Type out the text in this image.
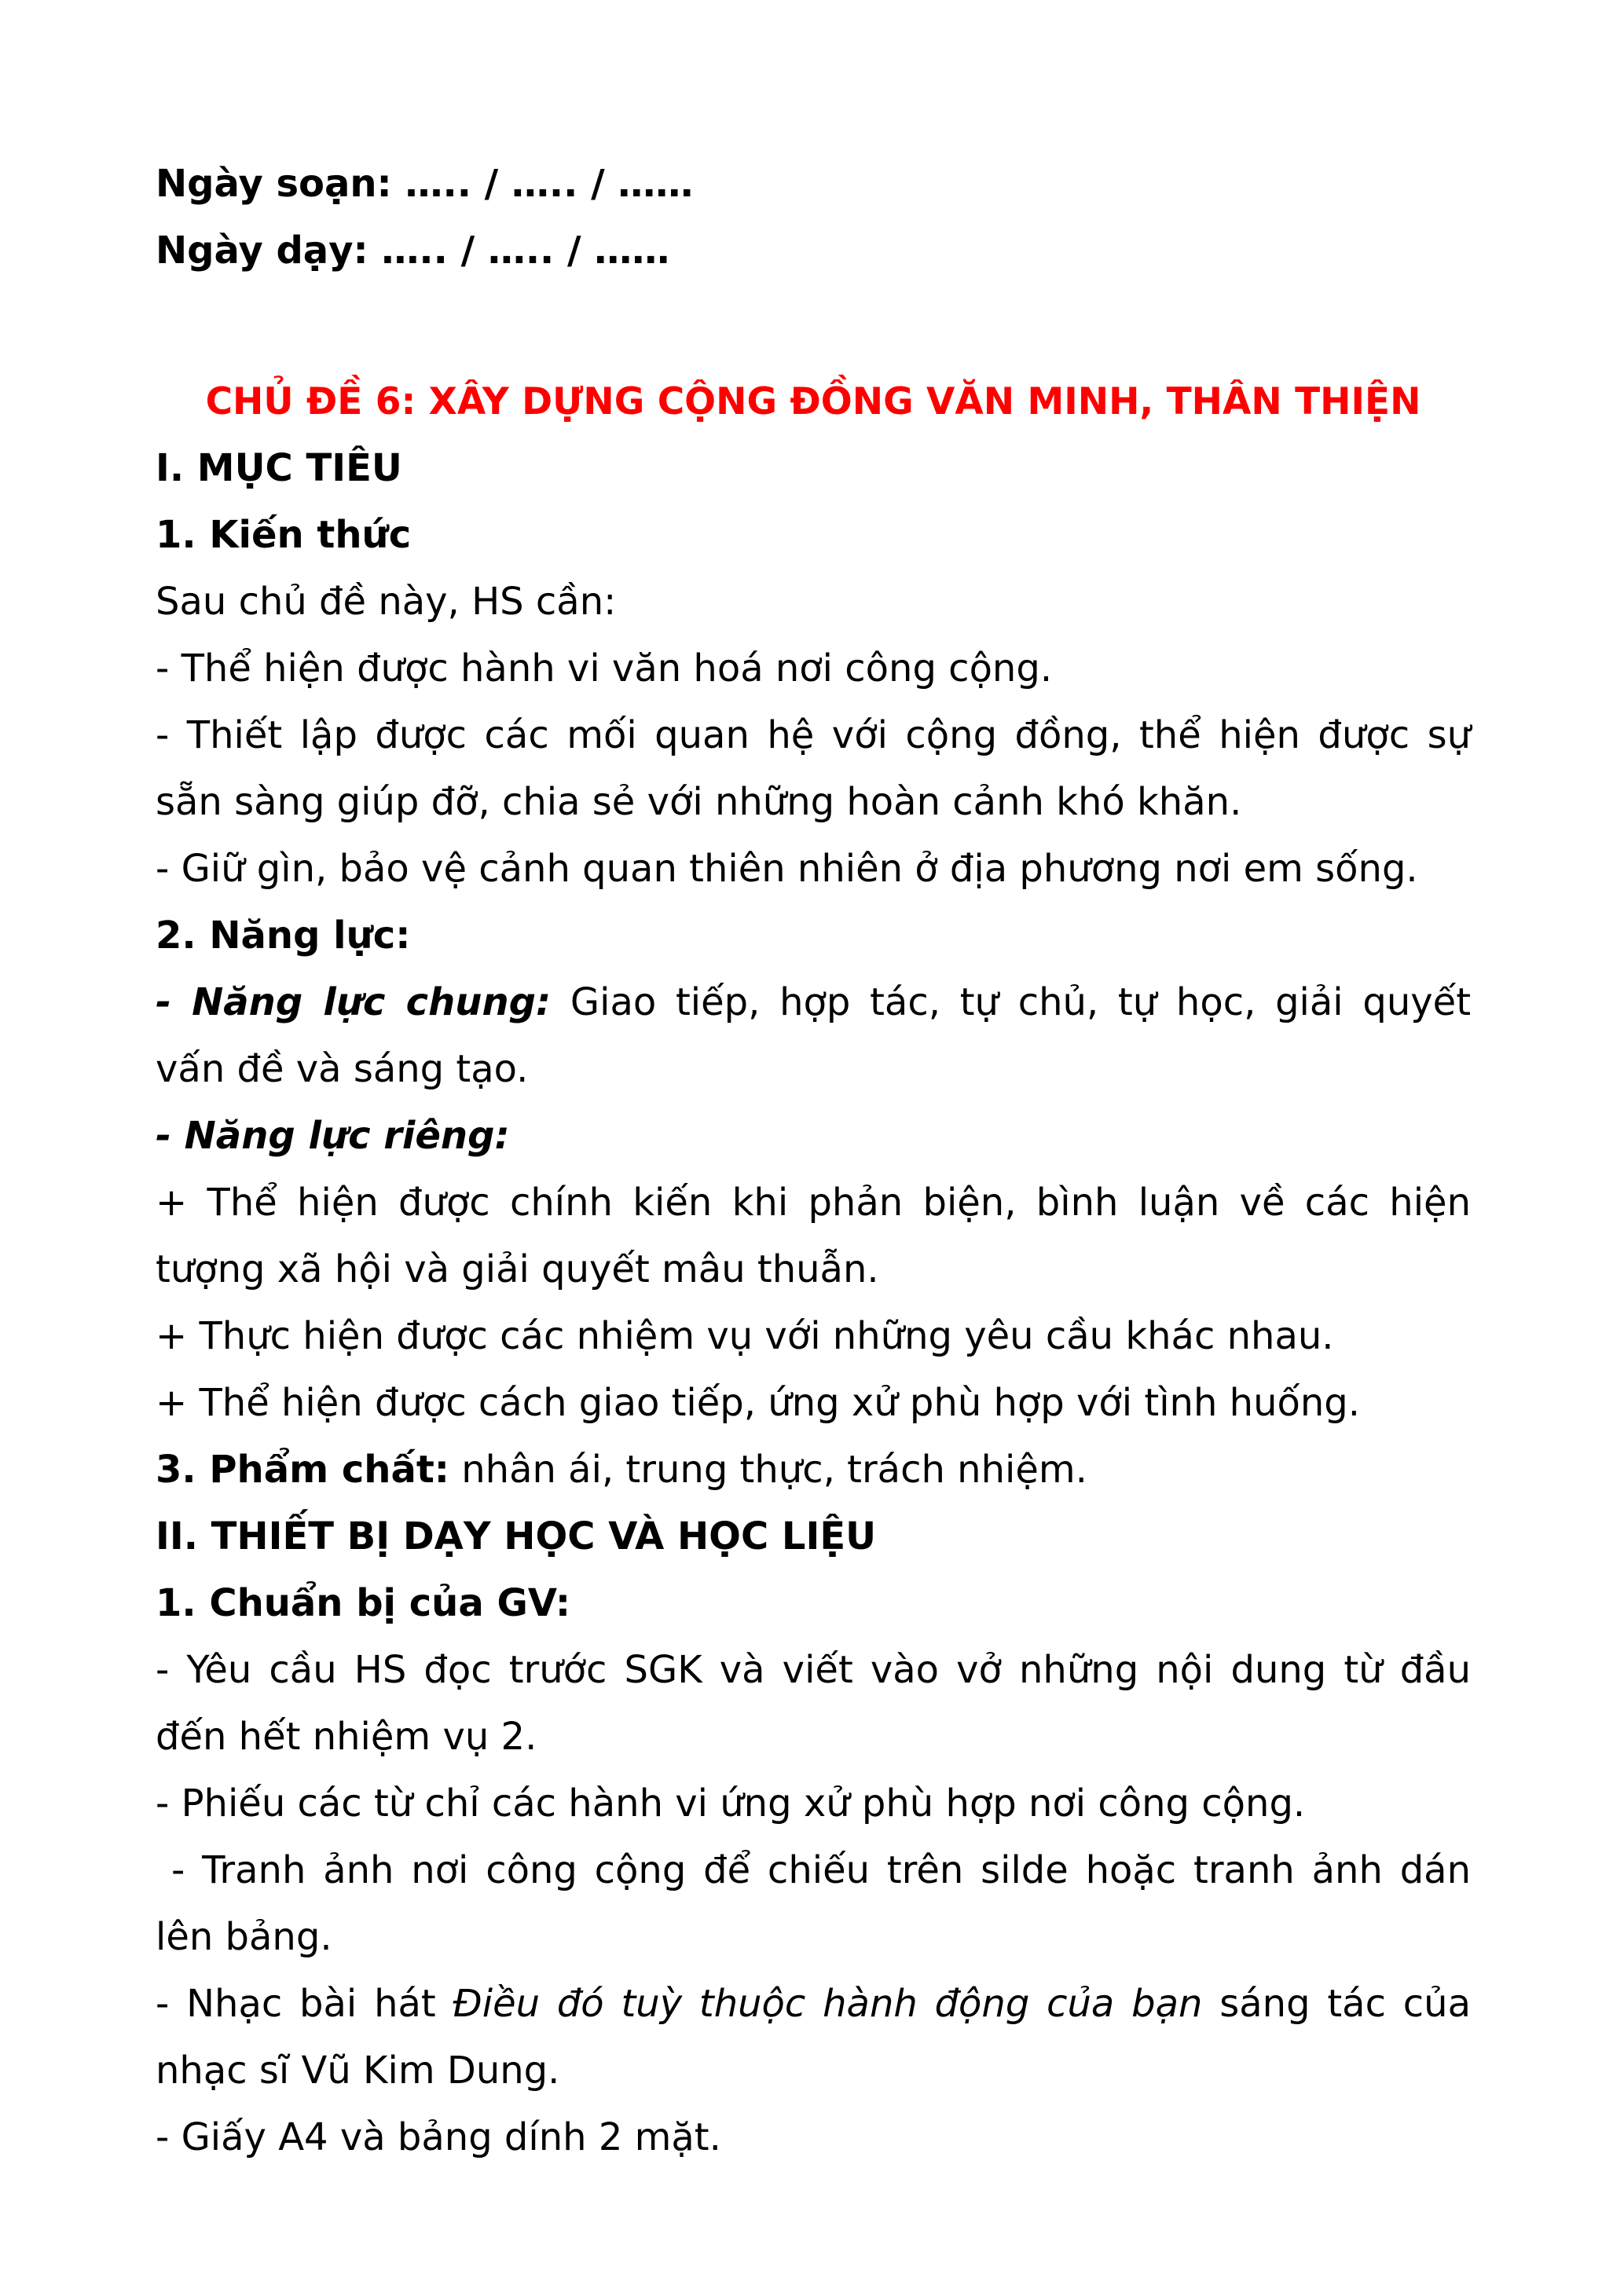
Ngày soạn: ….. / ….. / ……
Ngày dạy: ….. / ….. / ……
CHỦ ĐỀ 6: XÂY DỰNG CỘNG ĐỒNG VĂN MINH, THÂN THIỆN
I. MỤC TIÊU
1. Kiến thức
Sau chủ đề này, HS cần:
- Thể hiện được hành vi văn hoá nơi công cộng.
- Thiết lập được các mối quan hệ với cộng đồng, thể hiện được sự
sẵn sàng giúp đỡ, chia sẻ với những hoàn cảnh khó khăn.
- Giữ gìn, bảo vệ cảnh quan thiên nhiên ở địa phương nơi em sống.
2. Năng lực:
- Năng lực chung: Giao tiếp, hợp tác, tự chủ, tự học, giải quyết
vấn đề và sáng tạo.
- Năng lực riêng:
+ Thể hiện được chính kiến khi phản biện, bình luận về các hiện
tượng xã hội và giải quyết mâu thuẫn.
+ Thực hiện được các nhiệm vụ với những yêu cầu khác nhau.
+ Thể hiện được cách giao tiếp, ứng xử phù hợp với tình huống.
3. Phẩm chất: nhân ái, trung thực, trách nhiệm.
II. THIẾT BỊ DẠY HỌC VÀ HỌC LIỆU
1. Chuẩn bị của GV:
- Yêu cầu HS đọc trước SGK và viết vào vở những nội dung từ đầu
đến hết nhiệm vụ 2.
- Phiếu các từ chỉ các hành vi ứng xử phù hợp nơi công cộng.
- Tranh ảnh nơi công cộng để chiếu trên silde hoặc tranh ảnh dán
lên bảng.
- Nhạc bài hát Điều đó tuỳ thuộc hành động của bạn sáng tác của
nhạc sĩ Vũ Kim Dung.
- Giấy A4 và bảng dính 2 mặt.
